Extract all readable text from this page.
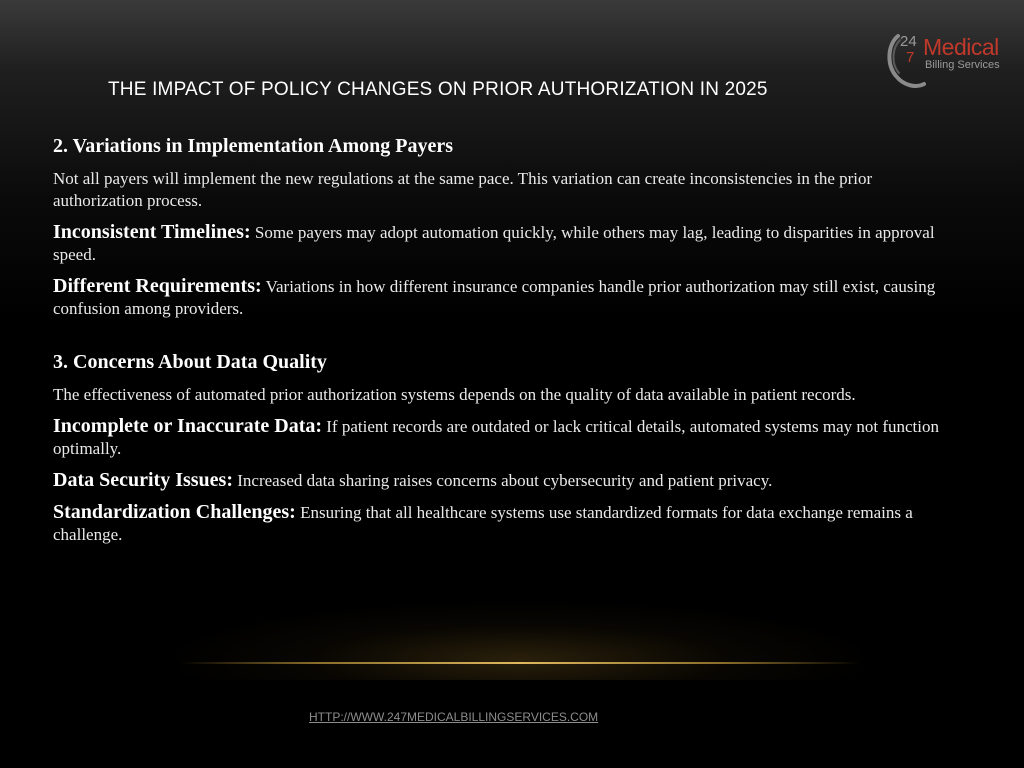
24
7 Medical
Billing Services
THE IMPACT OF POLICY CHANGES ON PRIOR AUTHORIZATION IN 2025
2. Variations in Implementation Among Payers
Not all payers will implement the new regulations at the same pace. This variation can create inconsistencies in the prior authorization process.
Inconsistent Timelines: Some payers may adopt automation quickly, while others may lag, leading to disparities in approval speed.
Different Requirements: Variations in how different insurance companies handle prior authorization may still exist, causing confusion among providers.
3. Concerns About Data Quality
The effectiveness of automated prior authorization systems depends on the quality of data available in patient records.
Incomplete or Inaccurate Data: If patient records are outdated or lack critical details, automated systems may not function optimally.
Data Security Issues: Increased data sharing raises concerns about cybersecurity and patient privacy.
Standardization Challenges: Ensuring that all healthcare systems use standardized formats for data exchange remains a challenge.
HTTP://WWW.247MEDICALBILLINGSERVICES.COM
